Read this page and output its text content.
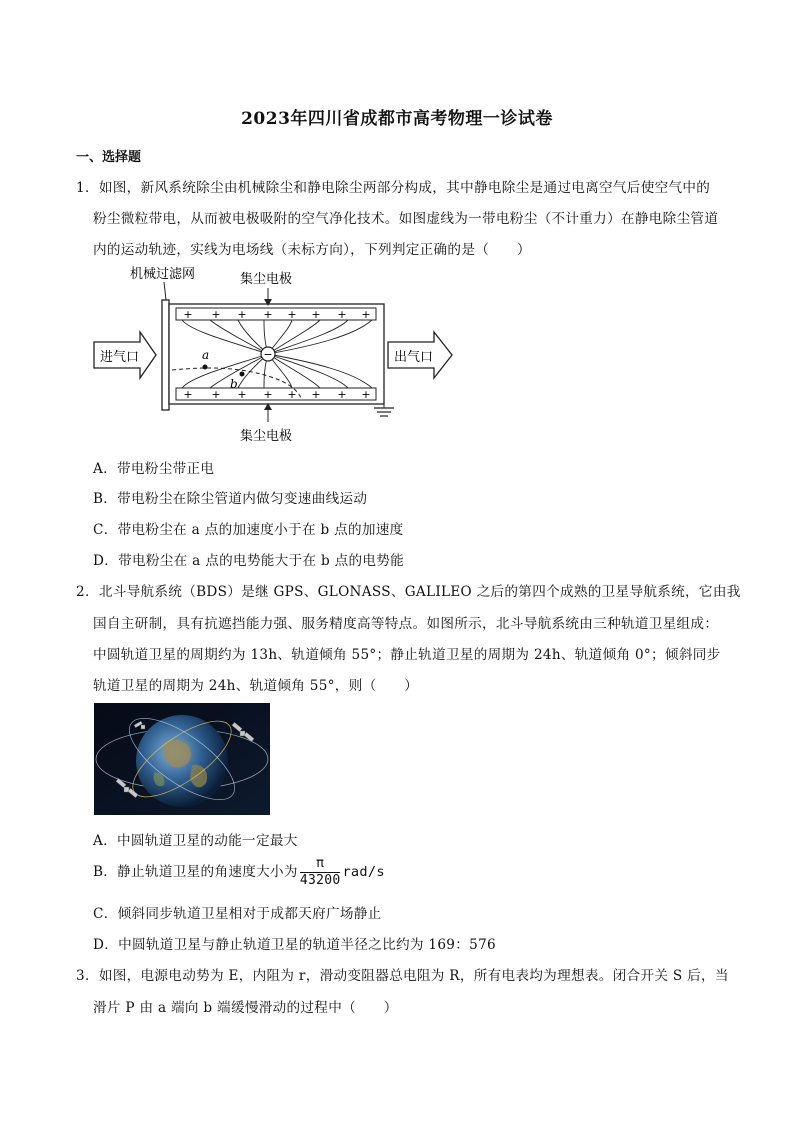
2023年四川省成都市高考物理一诊试卷
一、选择题
1．如图，新风系统除尘由机械除尘和静电除尘两部分构成，其中静电除尘是通过电离空气后使空气中的
粉尘微粒带电，从而被电极吸附的空气净化技术。如图虚线为一带电粉尘（不计重力）在静电除尘管道
内的运动轨迹，实线为电场线（未标方向），下列判定正确的是（　　）
进气口
机械过滤网
+ + + + + + + +
+ + + + + + + +
−
a
b
集尘电极
集尘电极
出气口
A．带电粉尘带正电
B．带电粉尘在除尘管道内做匀变速曲线运动
C．带电粉尘在 a 点的加速度小于在 b 点的加速度
D．带电粉尘在 a 点的电势能大于在 b 点的电势能
2．北斗导航系统（BDS）是继 GPS、GLONASS、GALILEO 之后的第四个成熟的卫星导航系统，它由我
国自主研制，具有抗遮挡能力强、服务精度高等特点。如图所示，北斗导航系统由三种轨道卫星组成：
中圆轨道卫星的周期约为 13h、轨道倾角 55°；静止轨道卫星的周期为 24h、轨道倾角 0°；倾斜同步
轨道卫星的周期为 24h、轨道倾角 55°，则（　　）
A．中圆轨道卫星的动能一定最大
B．静止轨道卫星的角速度大小为 $\frac{\pi}{43200} rad/s$
C．倾斜同步轨道卫星相对于成都天府广场静止
D．中圆轨道卫星与静止轨道卫星的轨道半径之比约为 169：576
3．如图，电源电动势为 E，内阻为 r，滑动变阻器总电阻为 R，所有电表均为理想表。闭合开关 S 后，当
滑片 P 由 a 端向 b 端缓慢滑动的过程中（　　）
